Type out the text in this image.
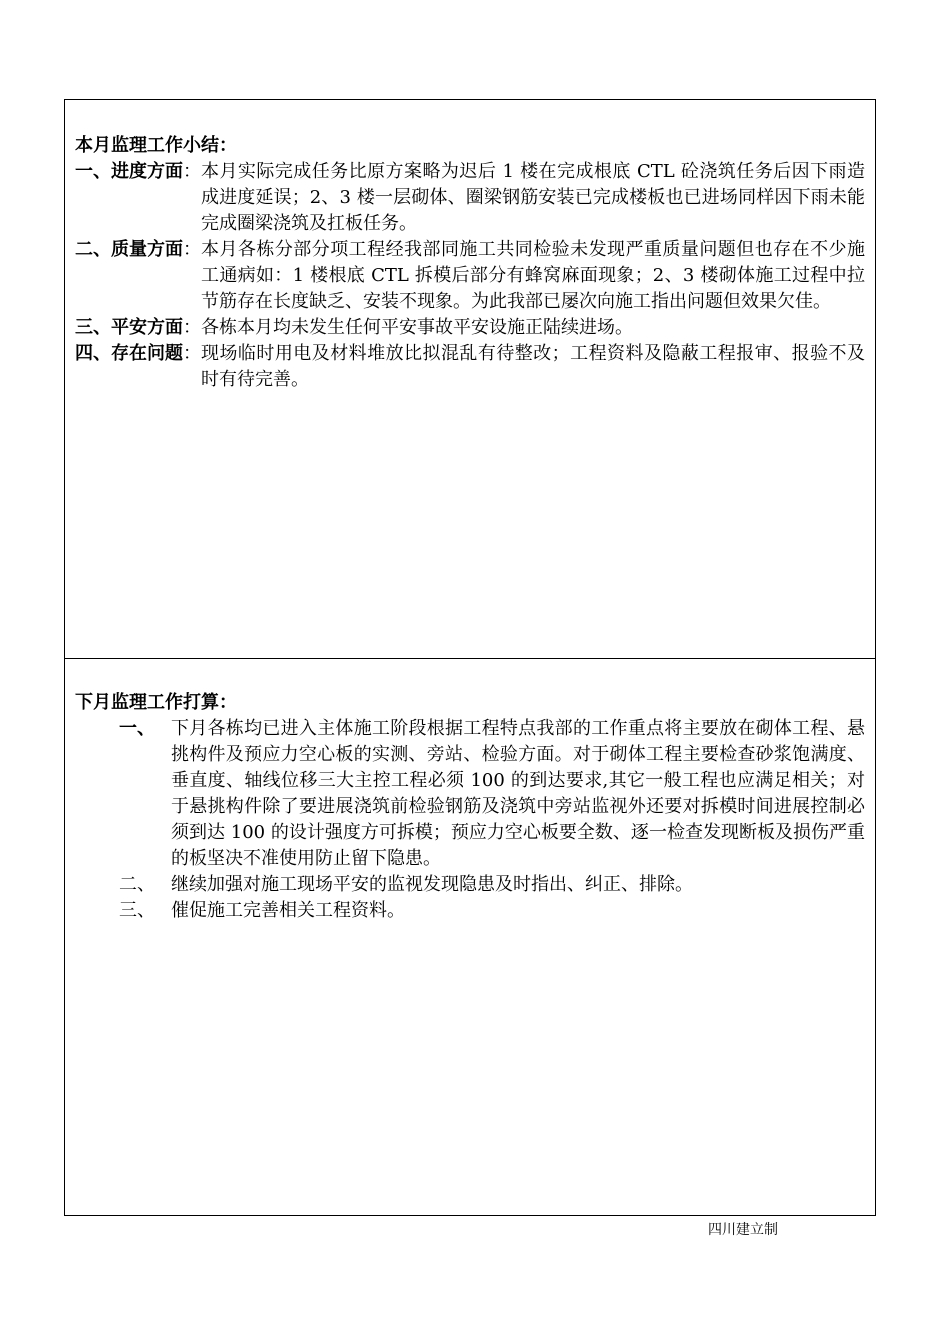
本月监理工作小结：

一、进度方面 ： 本月实际完成任务比原方案略为迟后 1 楼在完成根底 CTL 砼浇筑任务后因下雨造成进度延误；2、3 楼一层砌体、圈梁钢筋安装已完成楼板也已进场同样因下雨未能完成圈梁浇筑及扛板任务。
二、质量方面 ： 本月各栋分部分项工程经我部同施工共同检验未发现严重质量问题但也存在不少施工通病如：1 楼根底 CTL 拆模后部分有蜂窝麻面现象；2、3 楼砌体施工过程中拉节筋存在长度缺乏、安装不现象。为此我部已屡次向施工指出问题但效果欠佳。
三、平安方面 ： 各栋本月均未发生任何平安事故平安设施正陆续进场。
四、存在问题 ： 现场临时用电及材料堆放比拟混乱有待整改；工程资料及隐蔽工程报审、报验不及时有待完善。

下月监理工作打算：

一、 下月各栋均已进入主体施工阶段根据工程特点我部的工作重点将主要放在砌体工程、悬挑构件及预应力空心板的实测、旁站、检验方面。对于砌体工程主要检查砂浆饱满度、垂直度、轴线位移三大主控工程必须 100 的到达要求,其它一般工程也应满足相关；对于悬挑构件除了要进展浇筑前检验钢筋及浇筑中旁站监视外还要对拆模时间进展控制必须到达 100 的设计强度方可拆模；预应力空心板要全数、逐一检查发现断板及损伤严重的板坚决不准使用防止留下隐患。
二、 继续加强对施工现场平安的监视发现隐患及时指出、纠正、排除。
三、 催促施工完善相关工程资料。
四川建立制
